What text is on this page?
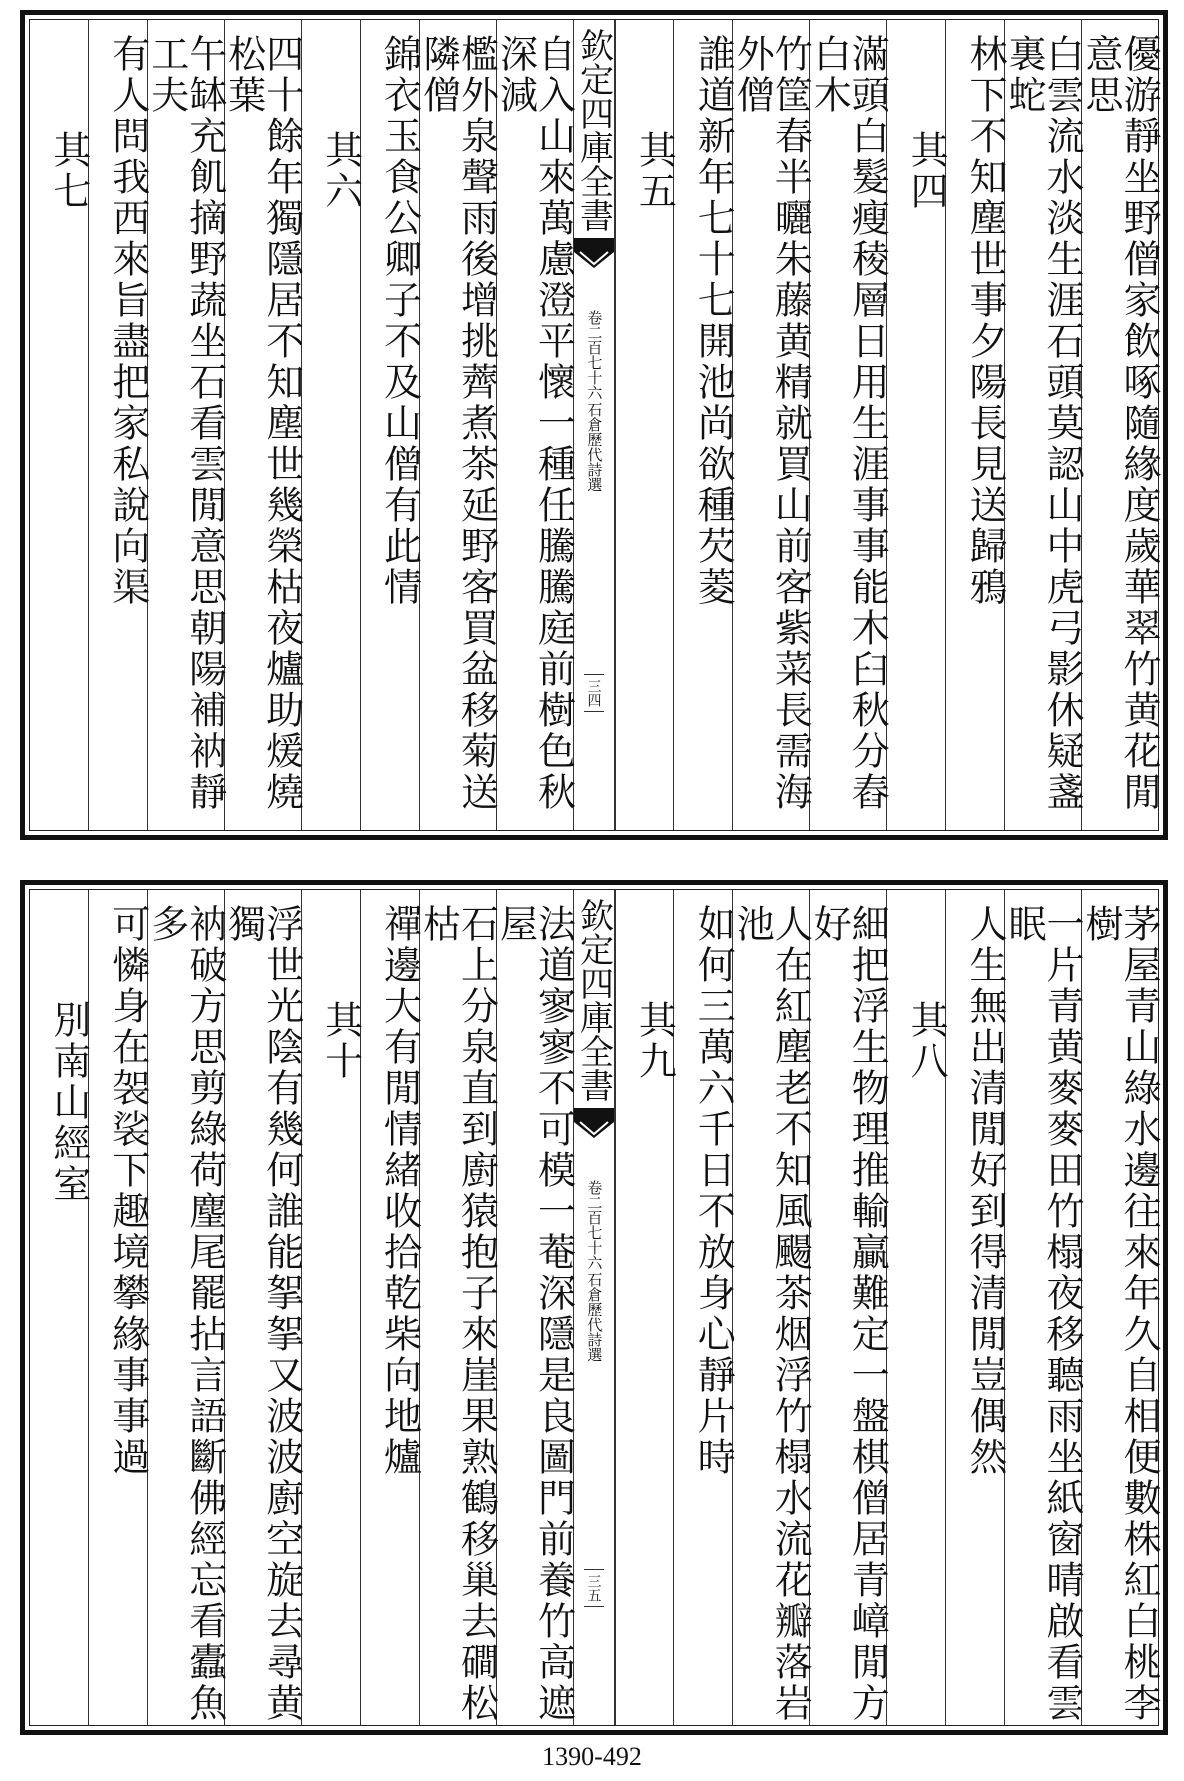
優游靜坐野僧家飲啄隨緣度歲華翠竹黄花閒意思
白雲流水淡生涯石頭莫認山中虎弓影休疑盞裏蛇
林下不知塵世事夕陽長見送歸鴉
其四
滿頭白髮瘦稜層日用生涯事事能木臼秋分舂白木
竹筐春半曬朱藤黄精就買山前客紫菜長需海外僧
誰道新年七十七開池尚欲種芡菱
其五
欽定四庫全書
石倉歷代詩選
卷二百七十六
三四
自入山來萬慮澄平懷一種任騰騰庭前樹色秋深減
檻外泉聲雨後增挑薺煮茶延野客買盆移菊送隣僧
錦衣玉食公卿子不及山僧有此情
其六
四十餘年獨隱居不知塵世幾榮枯夜爐助煖燒松葉
午缽充飢摘野蔬坐石看雲閒意思朝陽補衲靜工夫
有人問我西來旨盡把家私說向渠
其七
茅屋青山綠水邊往來年久自相便數株紅白桃李樹
一片青黄麥麥田竹榻夜移聽雨坐紙窗晴啟看雲眠
人生無出清閒好到得清閒豈偶然
其八
細把浮生物理推輸贏難定一盤棋僧居青嶂閒方好
人在紅塵老不知風颺茶烟浮竹榻水流花瓣落岩池
如何三萬六千日不放身心靜片時
其九
欽定四庫全書
石倉歷代詩選
卷二百七十六
三五
法道寥寥不可模一菴深隱是良圖門前養竹高遮屋
石上分泉直到廚猿抱子來崖果熟鶴移巢去磵松枯
禪邊大有閒情緒收拾乾柴向地爐
其十
浮世光陰有幾何誰能挐挐又波波廚空旋去尋黄獨
衲破方思剪綠荷麈尾罷拈言語斷佛經忘看蠹魚多
可憐身在袈裟下趣境攀緣事事過
別南山經室
1390-492
